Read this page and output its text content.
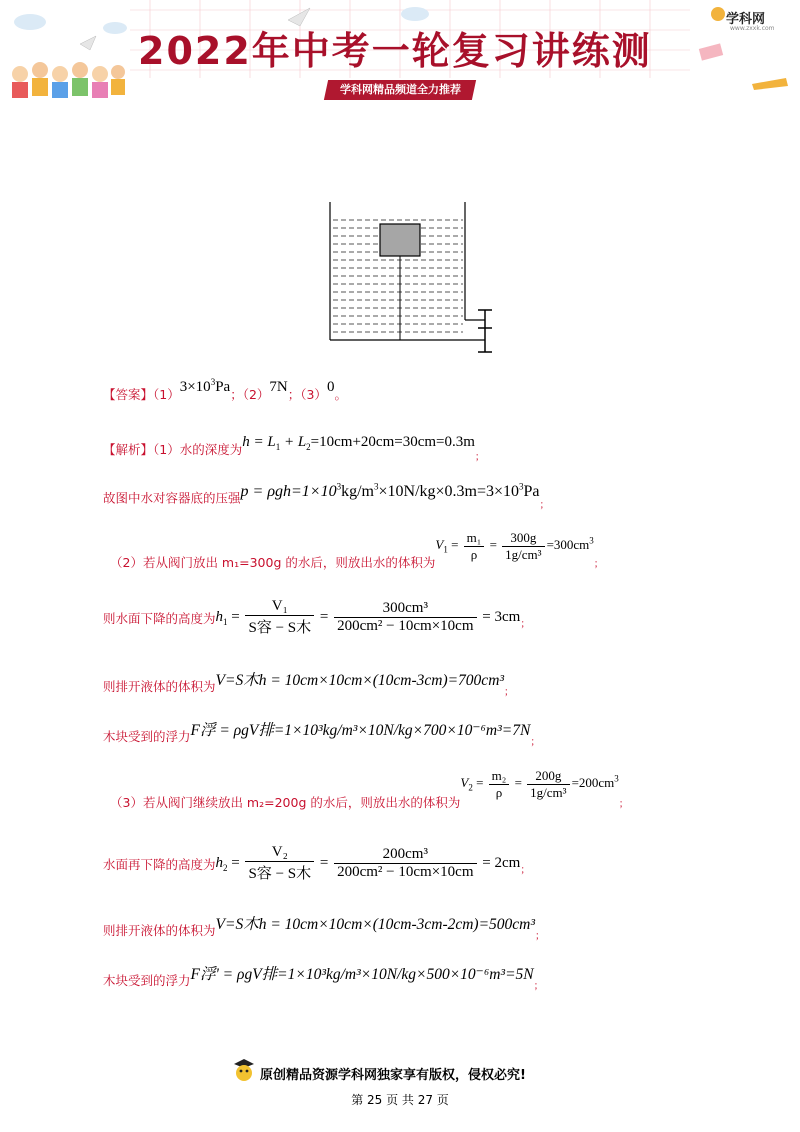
2022年中考一轮复习讲练测
学科网精品频道全力推荐
学科网
www.zxxk.com
【答案】$(1)3\times 10^3Pa$；（2）7N；（3）0。
【解析】（1）水的深度为$h = L_1 + L_2=10cm+20cm=30cm=0.3m_;$
故图中水对容器底的压强$p = \rho gh=1\times 10^3kg/m^3\times 10N/kg\times 0.3m=3\times 10^3Pa_;$
（2）若从阀门放出 m₁=300g 的水后，则放出水的体积为$V_1 = \frac{\text{m₁}}{\rho} = \frac{300g}{\text{1g/cm³}} =300cm^3_;$
则水面下降的高度为$h_1 = \frac{\text{V₁}}{\text{S容 − S木}} = \frac{\text{300cm³}}{\text{200cm² − 10cm×10cm}} = 3cm_;$
则排开液体的体积为V=S木$h = 10cm\times 10cm\times(10cm-3cm)=700cm^3_;$
木块受到的浮力F浮 = ρgV排$=1\times 10^3kg/m^3\times 10N/kg\times 700\times 10^{-6}m^3=7N_;$
（3）若从阀门继续放出 m₂=200g 的水后，则放出水的体积为$V_2 = \frac{\text{m₂}}{\rho} = \frac{200g}{\text{1g/cm³}} =200cm^3_;$
水面再下降的高度为$h_2 = \frac{\text{V₂}}{\text{S容 − S木}} = \frac{\text{200cm³}}{\text{200cm² − 10cm×10cm}} = 2cm_;$
则排开液体的体积为V=S木$h = 10cm\times 10cm\times(10cm-3cm-2cm)=500cm^3_;$
木块受到的浮力F浮' = ρgV排$=1\times 10^3kg/m^3\times 10N/kg\times 500\times 10^{-6}m^3=5N_;$
原创精品资源学科网独家享有版权，侵权必究!
第 25 页 共 27 页
